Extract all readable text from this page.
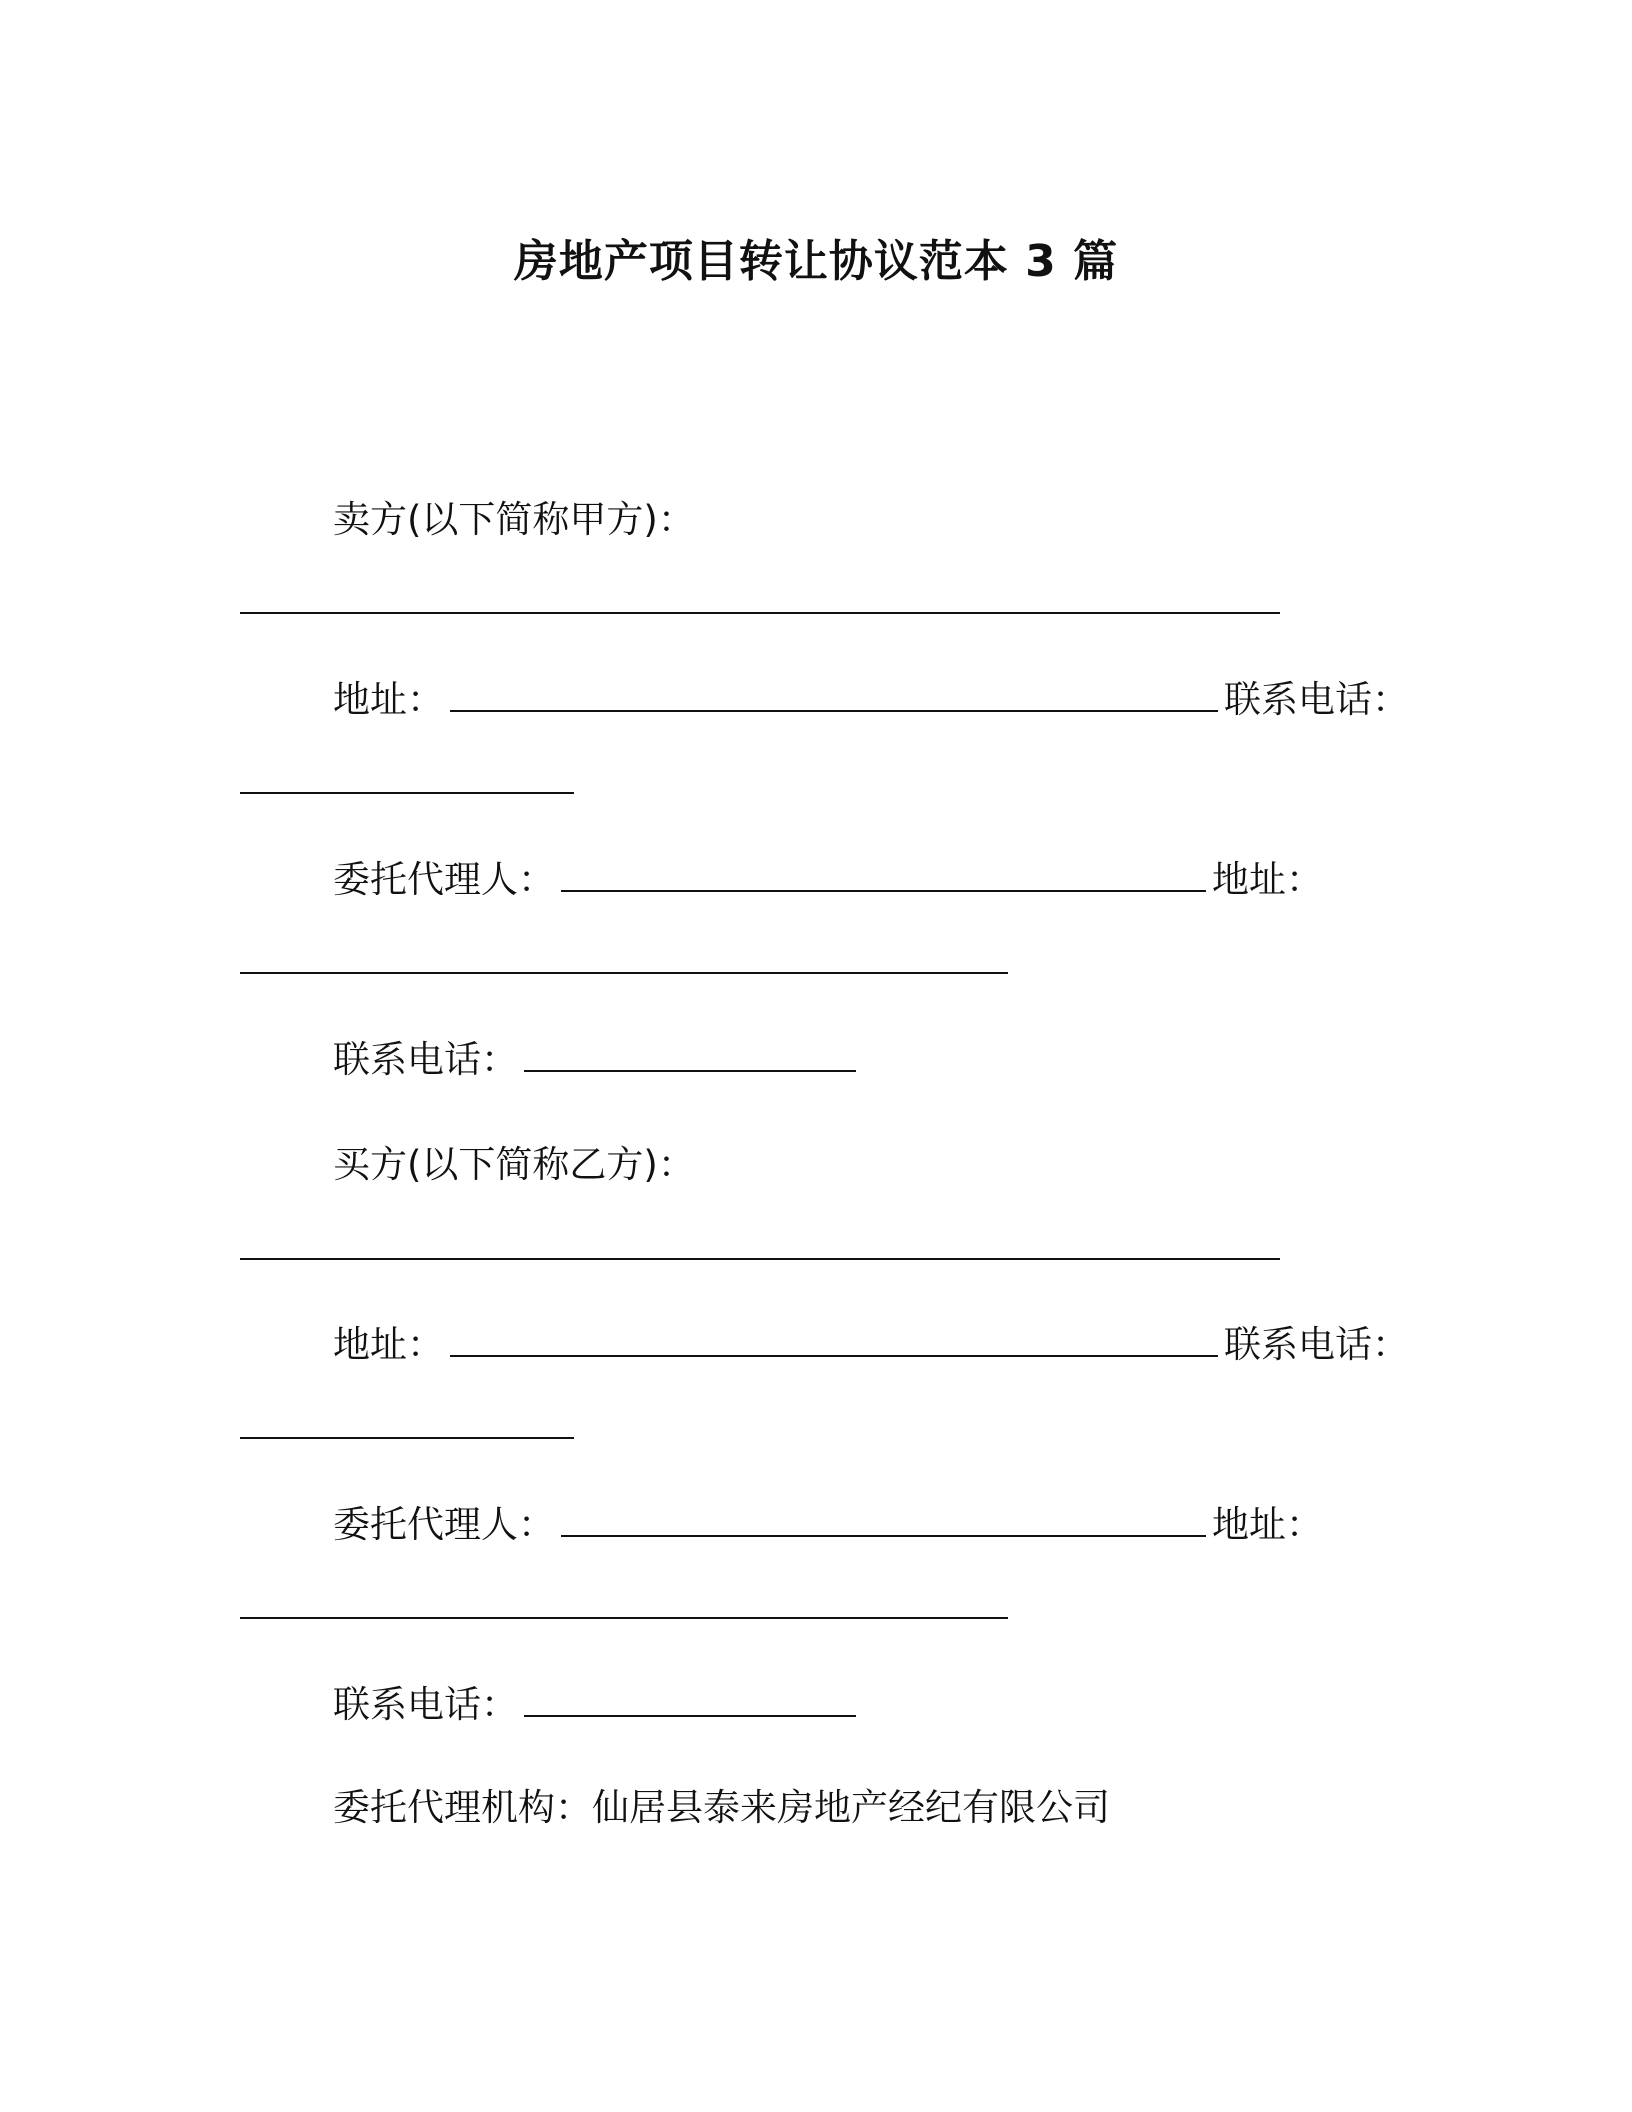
房地产项目转让协议范本 3 篇
卖方(以下简称甲方)：
地址：	联系电话：
委托代理人：	地址：
联系电话：
买方(以下简称乙方)：
地址：	联系电话：
委托代理人：	地址：
联系电话：
委托代理机构：仙居县泰来房地产经纪有限公司
